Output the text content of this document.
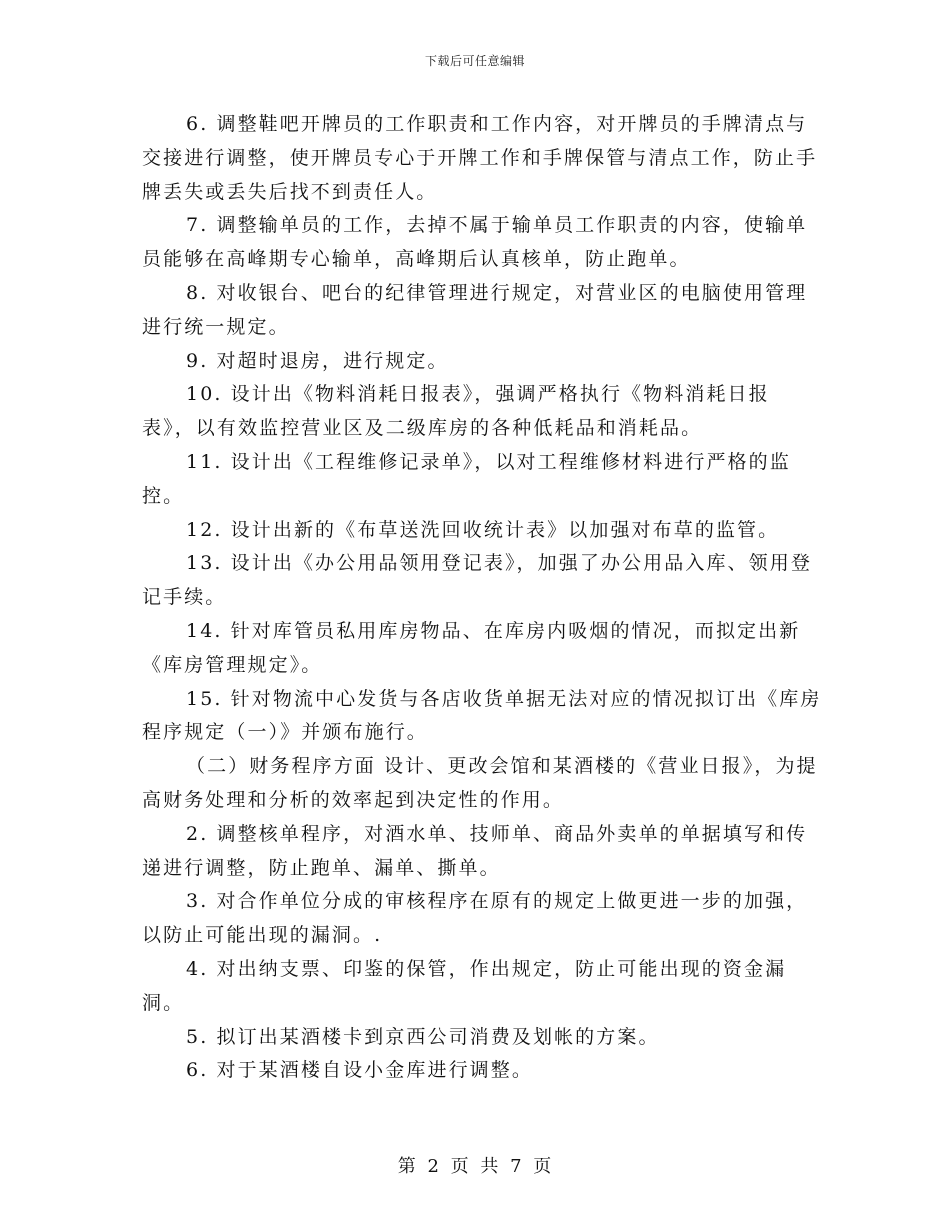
下载后可任意编辑

6. 调整鞋吧开牌员的工作职责和工作内容，对开牌员的手牌清点与交接进行调整，使开牌员专心于开牌工作和手牌保管与清点工作，防止手牌丢失或丢失后找不到责任人。

7. 调整输单员的工作，去掉不属于输单员工作职责的内容，使输单员能够在高峰期专心输单，高峰期后认真核单，防止跑单。

8. 对收银台、吧台的纪律管理进行规定，对营业区的电脑使用管理进行统一规定。

9. 对超时退房，进行规定。

10. 设计出《物料消耗日报表》，强调严格执行《物料消耗日报表》，以有效监控营业区及二级库房的各种低耗品和消耗品。

11. 设计出《工程维修记录单》，以对工程维修材料进行严格的监控。

12. 设计出新的《布草送洗回收统计表》以加强对布草的监管。

13. 设计出《办公用品领用登记表》，加强了办公用品入库、领用登记手续。

14. 针对库管员私用库房物品、在库房内吸烟的情况，而拟定出新《库房管理规定》。

15. 针对物流中心发货与各店收货单据无法对应的情况拟订出《库房程序规定（一）》并颁布施行。

（二）财务程序方面 设计、更改会馆和某酒楼的《营业日报》，为提高财务处理和分析的效率起到决定性的作用。

2. 调整核单程序，对酒水单、技师单、商品外卖单的单据填写和传递进行调整，防止跑单、漏单、撕单。

3. 对合作单位分成的审核程序在原有的规定上做更进一步的加强，以防止可能出现的漏洞。.

4. 对出纳支票、印鉴的保管，作出规定，防止可能出现的资金漏洞。

5. 拟订出某酒楼卡到京西公司消费及划帐的方案。

6. 对于某酒楼自设小金库进行调整。

第 2 页 共 7 页
